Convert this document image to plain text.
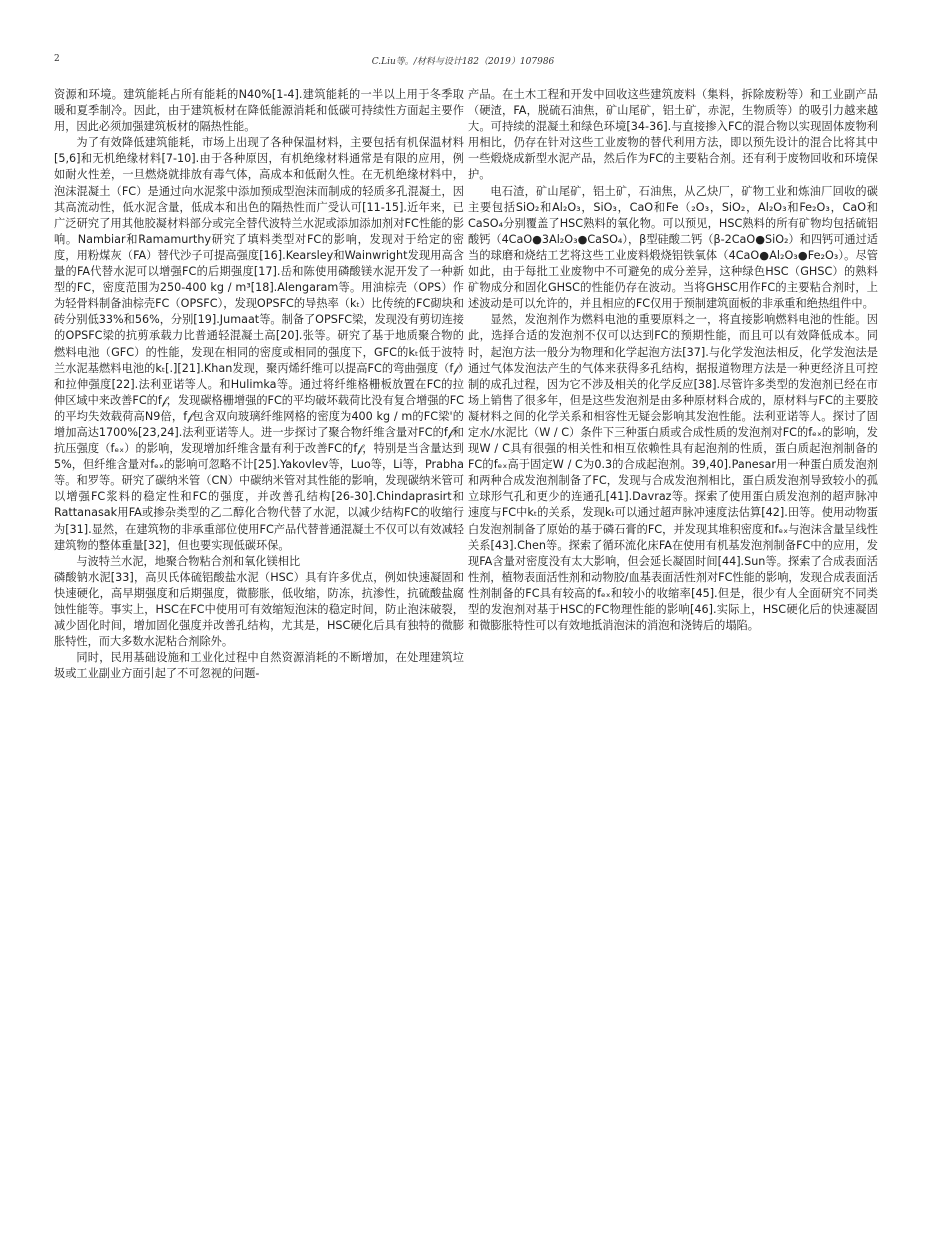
2	C.Liu等。/材料与设计182（2019）107986

资源和环境。建筑能耗占所有能耗的N40%[1-4].建筑能耗的一半以上用于冬季取暖和夏季制冷。因此，由于建筑板材在降低能源消耗和低碳可持续性方面起主要作用，因此必须加强建筑板材的隔热性能。

为了有效降低建筑能耗，市场上出现了各种保温材料，主要包括有机保温材料[5,6]和无机绝缘材料[7-10].由于各种原因，有机绝缘材料通常是有限的应用，例如耐火性差，一旦燃烧就排放有毒气体，高成本和低耐久性。在无机绝缘材料中，泡沫混凝土（FC）是通过向水泥浆中添加预成型泡沫而制成的轻质多孔混凝土，因其高流动性，低水泥含量，低成本和出色的隔热性而广受认可[11-15].近年来，已广泛研究了用其他胶凝材料部分或完全替代波特兰水泥或添加添加剂对FC性能的影响。Nambiar和Ramamurthy研究了填料类型对FC的影响，发现对于给定的密度，用粉煤灰（FA）替代沙子可提高强度[16].Kearsley和Wainwright发现用高含量的FA代替水泥可以增强FC的后期强度[17].岳和陈使用磷酸镁水泥开发了一种新型的FC，密度范围为250-400 kg / m³[18].Alengaram等。用油棕壳（OPS）作为轻骨料制备油棕壳FC（OPSFC），发现OPSFC的导热率（kₜ）比传统的FC砌块和砖分别低33%和56%，分别[19].Jumaat等。制备了OPSFC梁，发现没有剪切连接的OPSFC梁的抗剪承载力比普通轻混凝土高[20].张等。研究了基于地质聚合物的燃料电池（GFC）的性能，发现在相同的密度或相同的强度下，GFC的kₜ低于波特兰水泥基燃料电池的kₜ[.][21].Khan发现，聚丙烯纤维可以提高FC的弯曲强度（f𝒻）和拉伸强度[22].法利亚诺等人。和Hulimka等。通过将纤维格栅板放置在FC的拉伸区域中来改善FC的f𝒻，发现碳格栅增强的FC的平均破坏载荷比没有复合增强的FC的平均失效载荷高N9倍，f𝒻包含双向玻璃纤维网格的密度为400 kg / m的FC梁'的增加高达1700%[23,24].法利亚诺等人。进一步探讨了聚合物纤维含量对FC的f𝒻和抗压强度（fₑₓ）的影响，发现增加纤维含量有利于改善FC的f𝒻，特别是当含量达到5%，但纤维含量对fₑₓ的影响可忽略不计[25].Yakovlev等，Luo等，Li等，Prabha等。和罗等。研究了碳纳米管（CN）中碳纳米管对其性能的影响，发现碳纳米管可以增强FC浆料的稳定性和FC的强度，并改善孔结构[26-30].Chindaprasirt和Rattanasak用FA或掺杂类型的乙二醇化合物代替了水泥，以减少结构FC的收缩行为[31].显然，在建筑物的非承重部位使用FC产品代替普通混凝土不仅可以有效减轻建筑物的整体重量[32]，但也要实现低碳环保。

与波特兰水泥，地聚合物粘合剂和氧化镁相比

磷酸钠水泥[33]，高贝氏体硫铝酸盐水泥（HSC）具有许多优点，例如快速凝固和快速硬化，高早期强度和后期强度，微膨胀，低收缩，防冻，抗渗性，抗硫酸盐腐蚀性能等。事实上，HSC在FC中使用可有效缩短泡沫的稳定时间，防止泡沫破裂，减少固化时间，增加固化强度并改善孔结构，尤其是，HSC硬化后具有独特的微膨胀特性，而大多数水泥粘合剂除外。

同时，民用基础设施和工业化过程中自然资源消耗的不断增加，在处理建筑垃圾或工业副业方面引起了不可忽视的问题-

产品。在土木工程和开发中回收这些建筑废料（集料，拆除废粉等）和工业副产品（硬渣，FA，脱硫石油焦，矿山尾矿，铝土矿，赤泥，生物质等）的吸引力越来越大。可持续的混凝土和绿色环境[34-36].与直接掺入FC的混合物以实现固体废物利用相比，仍存在针对这些工业废物的替代利用方法，即以预先设计的混合比将其中一些煅烧成新型水泥产品，然后作为FC的主要粘合剂。还有利于废物回收和环境保护。

电石渣，矿山尾矿，铝土矿，石油焦，从乙炔厂，矿物工业和炼油厂回收的碳主要包括SiO₂和Al₂O₃，SiO₃，CaO和Fe（₂O₃，SiO₂，Al₂O₃和Fe₂O₃，CaO和CaSO₄分别覆盖了HSC熟料的氧化物。可以预见，HSC熟料的所有矿物均包括硫铝酸钙（4CaO●3Al₂O₃●CaSO₄），β型硅酸二钙（β-2CaO●SiO₂）和四钙可通过适当的球磨和烧结工艺将这些工业废料煅烧铝铁氧体（4CaO●Al₂O₃●Fe₂O₃）。尽管如此，由于每批工业废物中不可避免的成分差异，这种绿色HSC（GHSC）的熟料矿物成分和固化GHSC的性能仍存在波动。当将GHSC用作FC的主要粘合剂时，上述波动是可以允许的，并且相应的FC仅用于预制建筑面板的非承重和绝热组件中。

显然，发泡剂作为燃料电池的重要原料之一，将直接影响燃料电池的性能。因此，选择合适的发泡剂不仅可以达到FC的预期性能，而且可以有效降低成本。同时，起泡方法一般分为物理和化学起泡方法[37].与化学发泡法相反，化学发泡法是通过气体发泡法产生的气体来获得多孔结构，据报道物理方法是一种更经济且可控制的成孔过程，因为它不涉及相关的化学反应[38].尽管许多类型的发泡剂已经在市场上销售了很多年，但是这些发泡剂是由多种原材料合成的，原材料与FC的主要胶凝材料之间的化学关系和相容性无疑会影响其发泡性能。法利亚诺等人。探讨了固定水/水泥比（W / C）条件下三种蛋白质或合成性质的发泡剂对FC的fₑₓ的影响，发现W / C具有很强的相关性和相互依赖性具有起泡剂的性质，蛋白质起泡剂制备的FC的fₑₓ高于固定W / C为0.3的合成起泡剂。39,40].Panesar用一种蛋白质发泡剂和两种合成发泡剂制备了FC，发现与合成发泡剂相比，蛋白质发泡剂导致较小的孤立球形气孔和更少的连通孔[41].Davraz等。探索了使用蛋白质发泡剂的超声脉冲速度与FC中kₜ的关系，发现kₜ可以通过超声脉冲速度法估算[42].田等。使用动物蛋白发泡剂制备了原始的基于磷石膏的FC，并发现其堆积密度和fₑₓ与泡沫含量呈线性关系[43].Chen等。探索了循环流化床FA在使用有机基发泡剂制备FC中的应用，发现FA含量对密度没有太大影响，但会延长凝固时间[44].Sun等。探索了合成表面活性剂，植物表面活性剂和动物胶/血基表面活性剂对FC性能的影响，发现合成表面活性剂制备的FC具有较高的fₑₓ和较小的收缩率[45].但是，很少有人全面研究不同类型的发泡剂对基于HSC的FC物理性能的影响[46].实际上，HSC硬化后的快速凝固和微膨胀特性可以有效地抵消泡沫的消泡和浇铸后的塌陷。
